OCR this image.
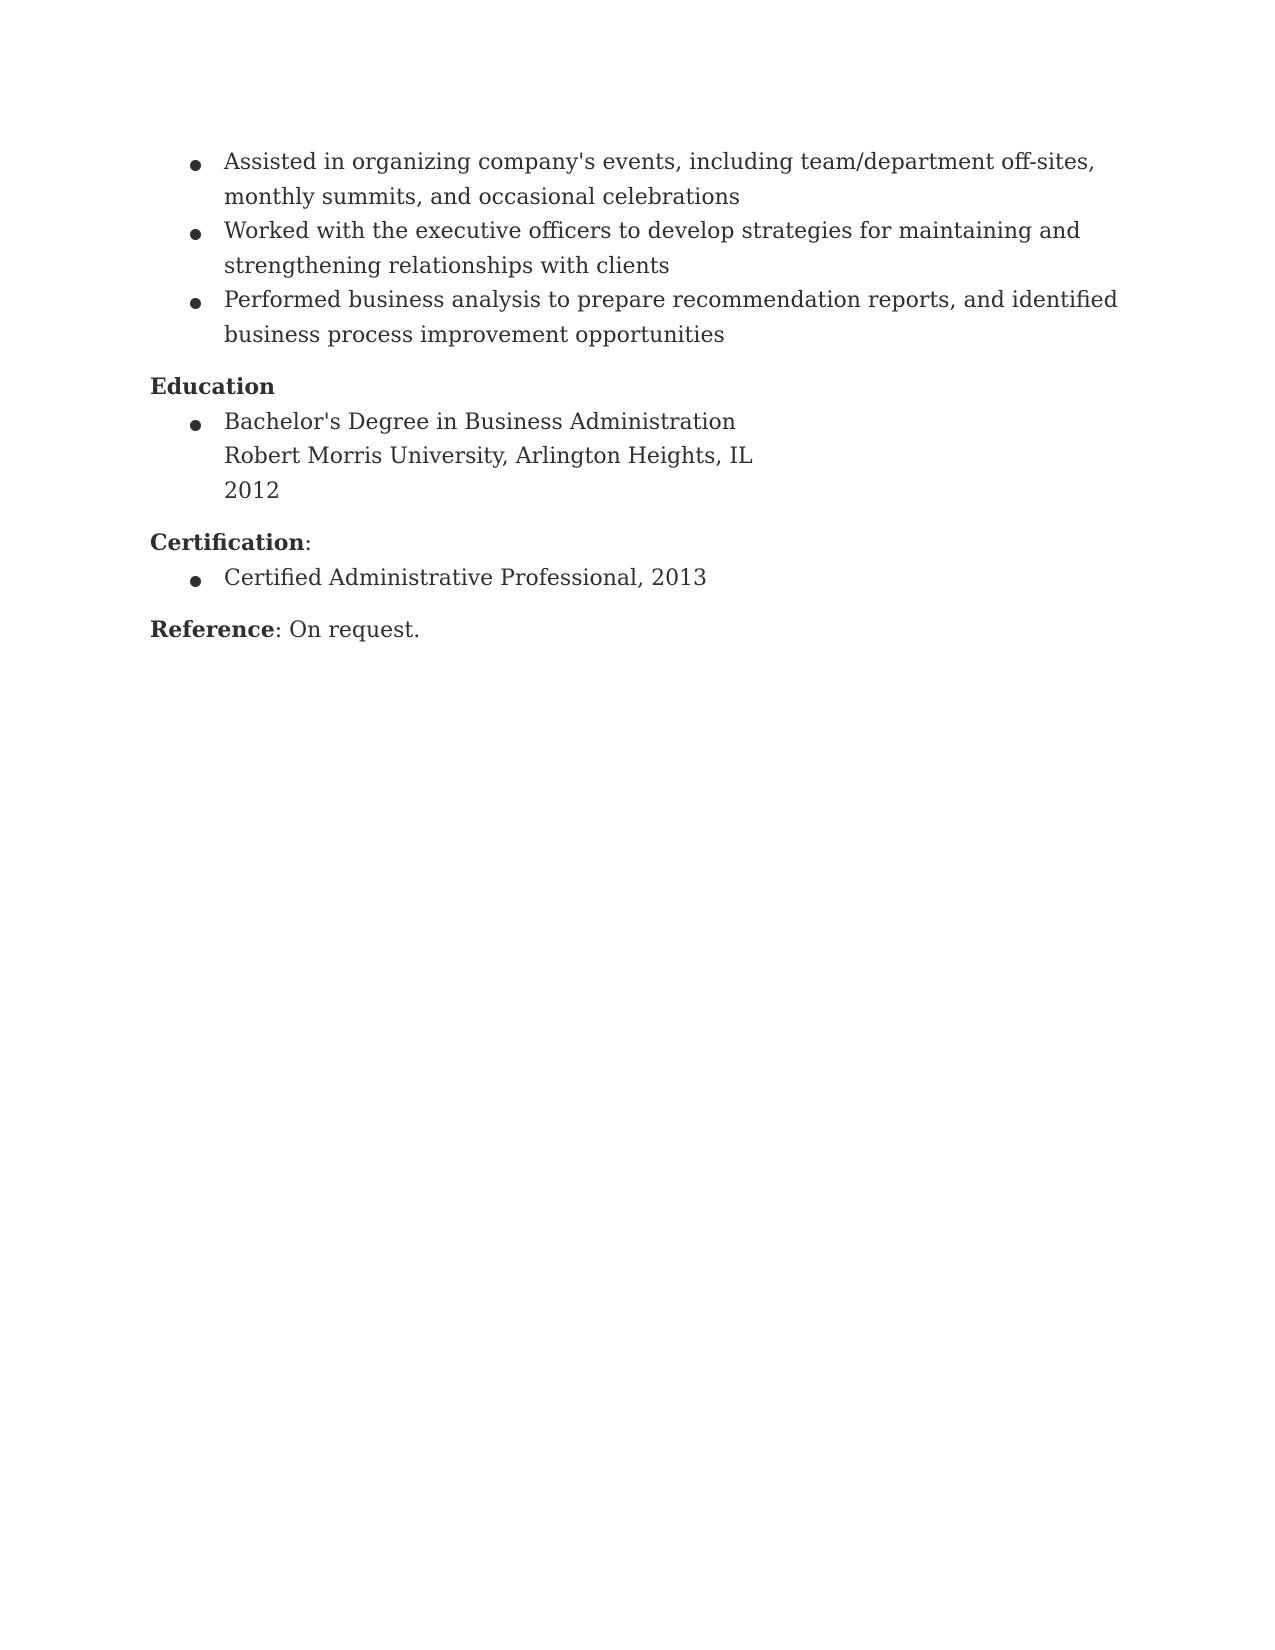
Assisted in organizing company's events, including team/department off-sites,
monthly summits, and occasional celebrations
Worked with the executive officers to develop strategies for maintaining and
strengthening relationships with clients
Performed business analysis to prepare recommendation reports, and identified
business process improvement opportunities

Education

Bachelor's Degree in Business Administration
Robert Morris University, Arlington Heights, IL
2012

Certification:

Certified Administrative Professional, 2013

Reference: On request.
